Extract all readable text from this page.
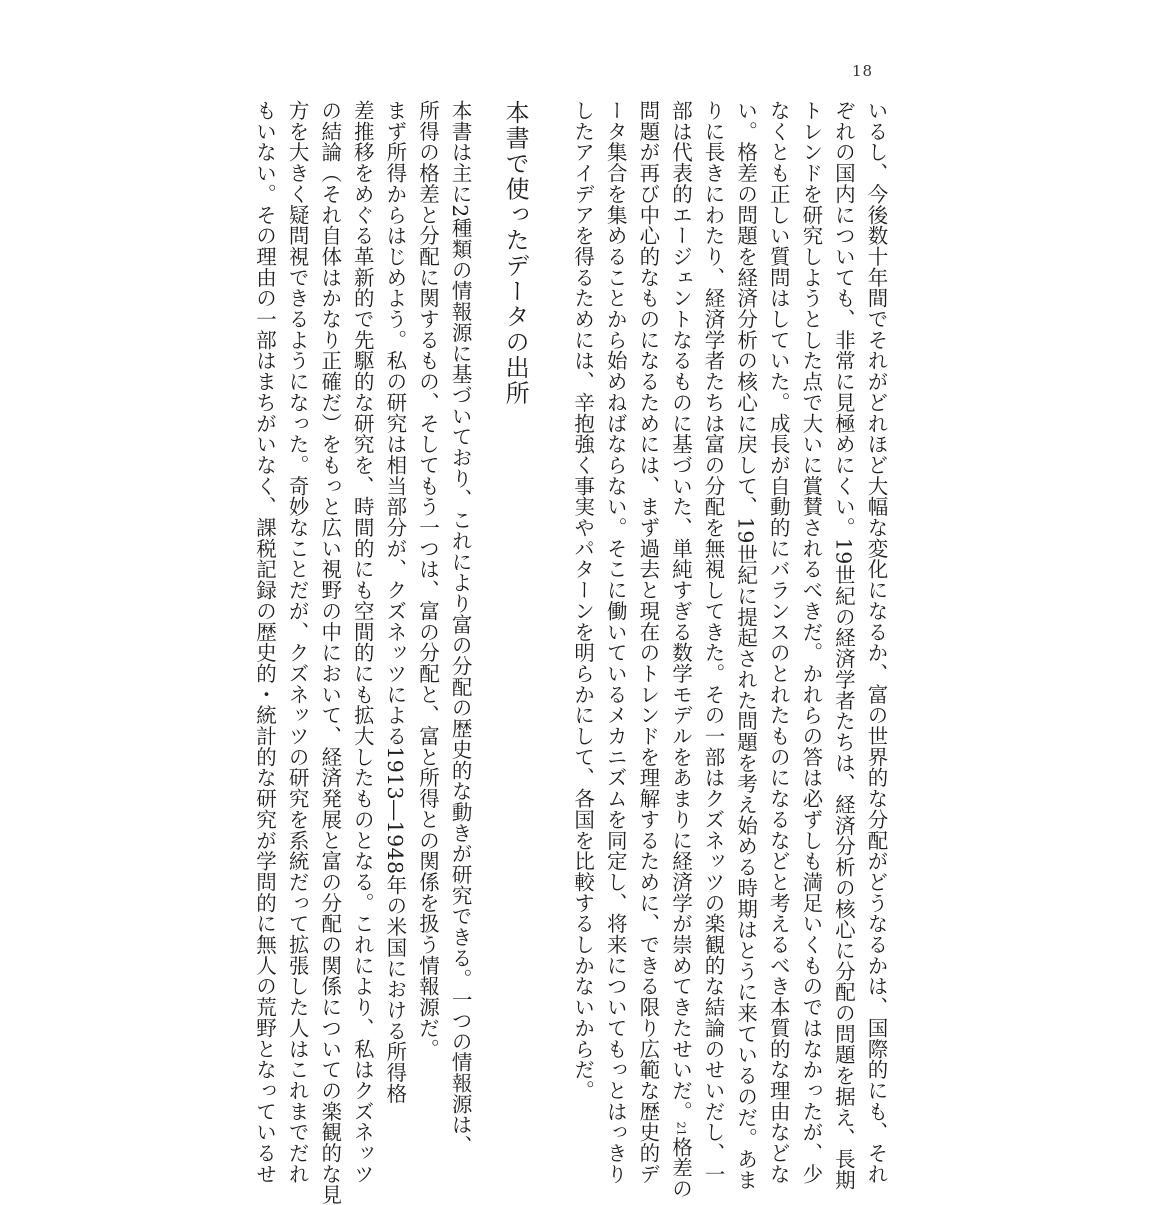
18

いるし、今後数十年間でそれがどれほど大幅な変化になるか、富の世界的な分配がどうなるかは、国際的にも、それ

ぞれの国内についても、非常に見極めにくい。19世紀の経済学者たちは、経済分析の核心に分配の問題を据え、長期

トレンドを研究しようとした点で大いに賞賛されるべきだ。かれらの答は必ずしも満足いくものではなかったが、少

なくとも正しい質問はしていた。成長が自動的にバランスのとれたものになるなどと考えるべき本質的な理由などな

い。格差の問題を経済分析の核心に戻して、19世紀に提起された問題を考え始める時期はとうに来ているのだ。あま

りに長きにわたり、経済学者たちは富の分配を無視してきた。その一部はクズネッツの楽観的な結論のせいだし、一

部は代表的エージェントなるものに基づいた、単純すぎる数学モデルをあまりに経済学が崇めてきたせいだ。$^{21}$格差の

問題が再び中心的なものになるためには、まず過去と現在のトレンドを理解するために、できる限り広範な歴史的デ

ータ集合を集めることから始めねばならない。そこに働いているメカニズムを同定し、将来についてもっとはっきり

したアイデアを得るためには、辛抱強く事実やパターンを明らかにして、各国を比較するしかないからだ。

本書で使ったデータの出所

本書は主に2種類の情報源に基づいており、これにより富の分配の歴史的な動きが研究できる。一つの情報源は、

所得の格差と分配に関するもの、そしてもう一つは、富の分配と、富と所得との関係を扱う情報源だ。

まず所得からはじめよう。私の研究は相当部分が、クズネッツによる1913―1948年の米国における所得格

差推移をめぐる革新的で先駆的な研究を、時間的にも空間的にも拡大したものとなる。これにより、私はクズネッツ

の結論（それ自体はかなり正確だ）をもっと広い視野の中において、経済発展と富の分配の関係についての楽観的な見

方を大きく疑問視できるようになった。奇妙なことだが、クズネッツの研究を系統だって拡張した人はこれまでだれ

もいない。その理由の一部はまちがいなく、課税記録の歴史的・統計的な研究が学問的に無人の荒野となっているせ
